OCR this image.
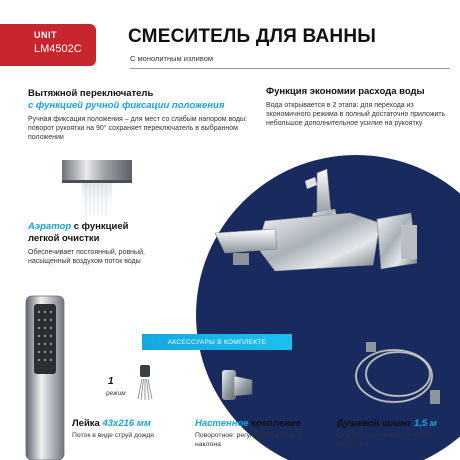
UNIT
LM4502C
СМЕСИТЕЛЬ ДЛЯ ВАННЫ
С монолитным изливом
Вытяжной переключатель
с функцией ручной фиксации положения
Ручная фиксация положения – для мест со слабым напором воды: поворот рукоятки на 90° сохраняет переключатель в выбранном положении
Функция экономии расхода воды
Вода открывается в 2 этапа: для перехода из экономичного режима в полный достаточно приложить небольшое дополнительное усилие на рукоятку
Аэратор с функцией
легкой очистки
Обеспечивает постоянный, ровный, насыщенный воздухом поток воды
АКСЕССУАРЫ В КОМПЛЕКТЕ
1
режим
Лейка 43x216 мм
Поток в виде струй дождя
Настенное крепление
Поворотное: регулируется по углу наклона
Душевой шланг 1,5 м
Стальной, оплетка с двойным загибом
